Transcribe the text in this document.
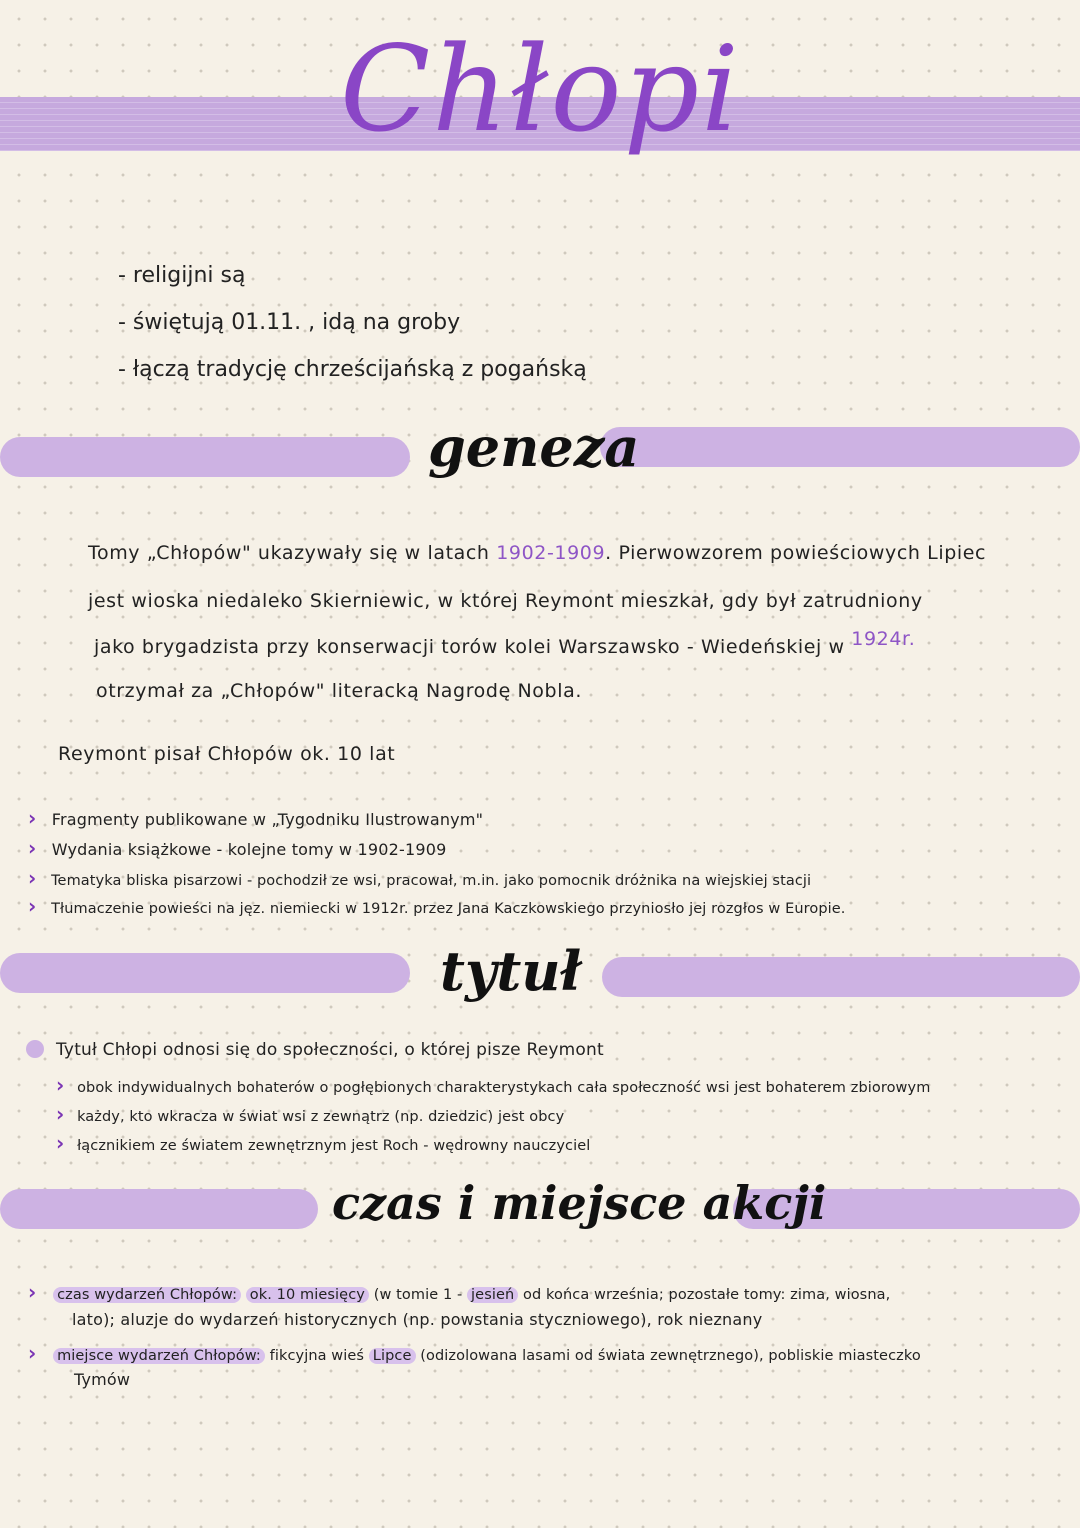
Chłopi
- religijni są
- świętują 01.11. , idą na groby
- łączą tradycję chrześcijańską z pogańską
geneza
Tomy „Chłopów" ukazywały się w latach 1902-1909. Pierwowzorem powieściowych Lipiec
jest wioska niedaleko Skierniewic, w której Reymont mieszkał, gdy był zatrudniony
jako brygadzista przy konserwacji torów kolei Warszawsko - Wiedeńskiej w 1924r.
otrzymał za „Chłopów" literacką Nagrodę Nobla.
Reymont pisał Chłopów ok. 10 lat
› Fragmenty publikowane w „Tygodniku Ilustrowanym"
› Wydania książkowe - kolejne tomy w 1902-1909
› Tematyka bliska pisarzowi - pochodził ze wsi, pracował, m.in. jako pomocnik dróżnika na wiejskiej stacji
› Tłumaczenie powieści na jęz. niemiecki w 1912r. przez Jana Kaczkowskiego przyniosło jej rozgłos w Europie.
tytuł
Tytuł Chłopi odnosi się do społeczności, o której pisze Reymont
› obok indywidualnych bohaterów o pogłębionych charakterystykach cała społeczność wsi jest bohaterem zbiorowym
› każdy, kto wkracza w świat wsi z zewnątrz (np. dziedzic) jest obcy
› łącznikiem ze światem zewnętrznym jest Roch - wędrowny nauczyciel
czas i miejsce akcji
› czas wydarzeń Chłopów: ok. 10 miesięcy (w tomie 1 - jesień od końca września; pozostałe tomy: zima, wiosna,
lato); aluzje do wydarzeń historycznych (np. powstania styczniowego), rok nieznany
› miejsce wydarzeń Chłopów: fikcyjna wieś Lipce (odizolowana lasami od świata zewnętrznego), pobliskie miasteczko
Tymów
